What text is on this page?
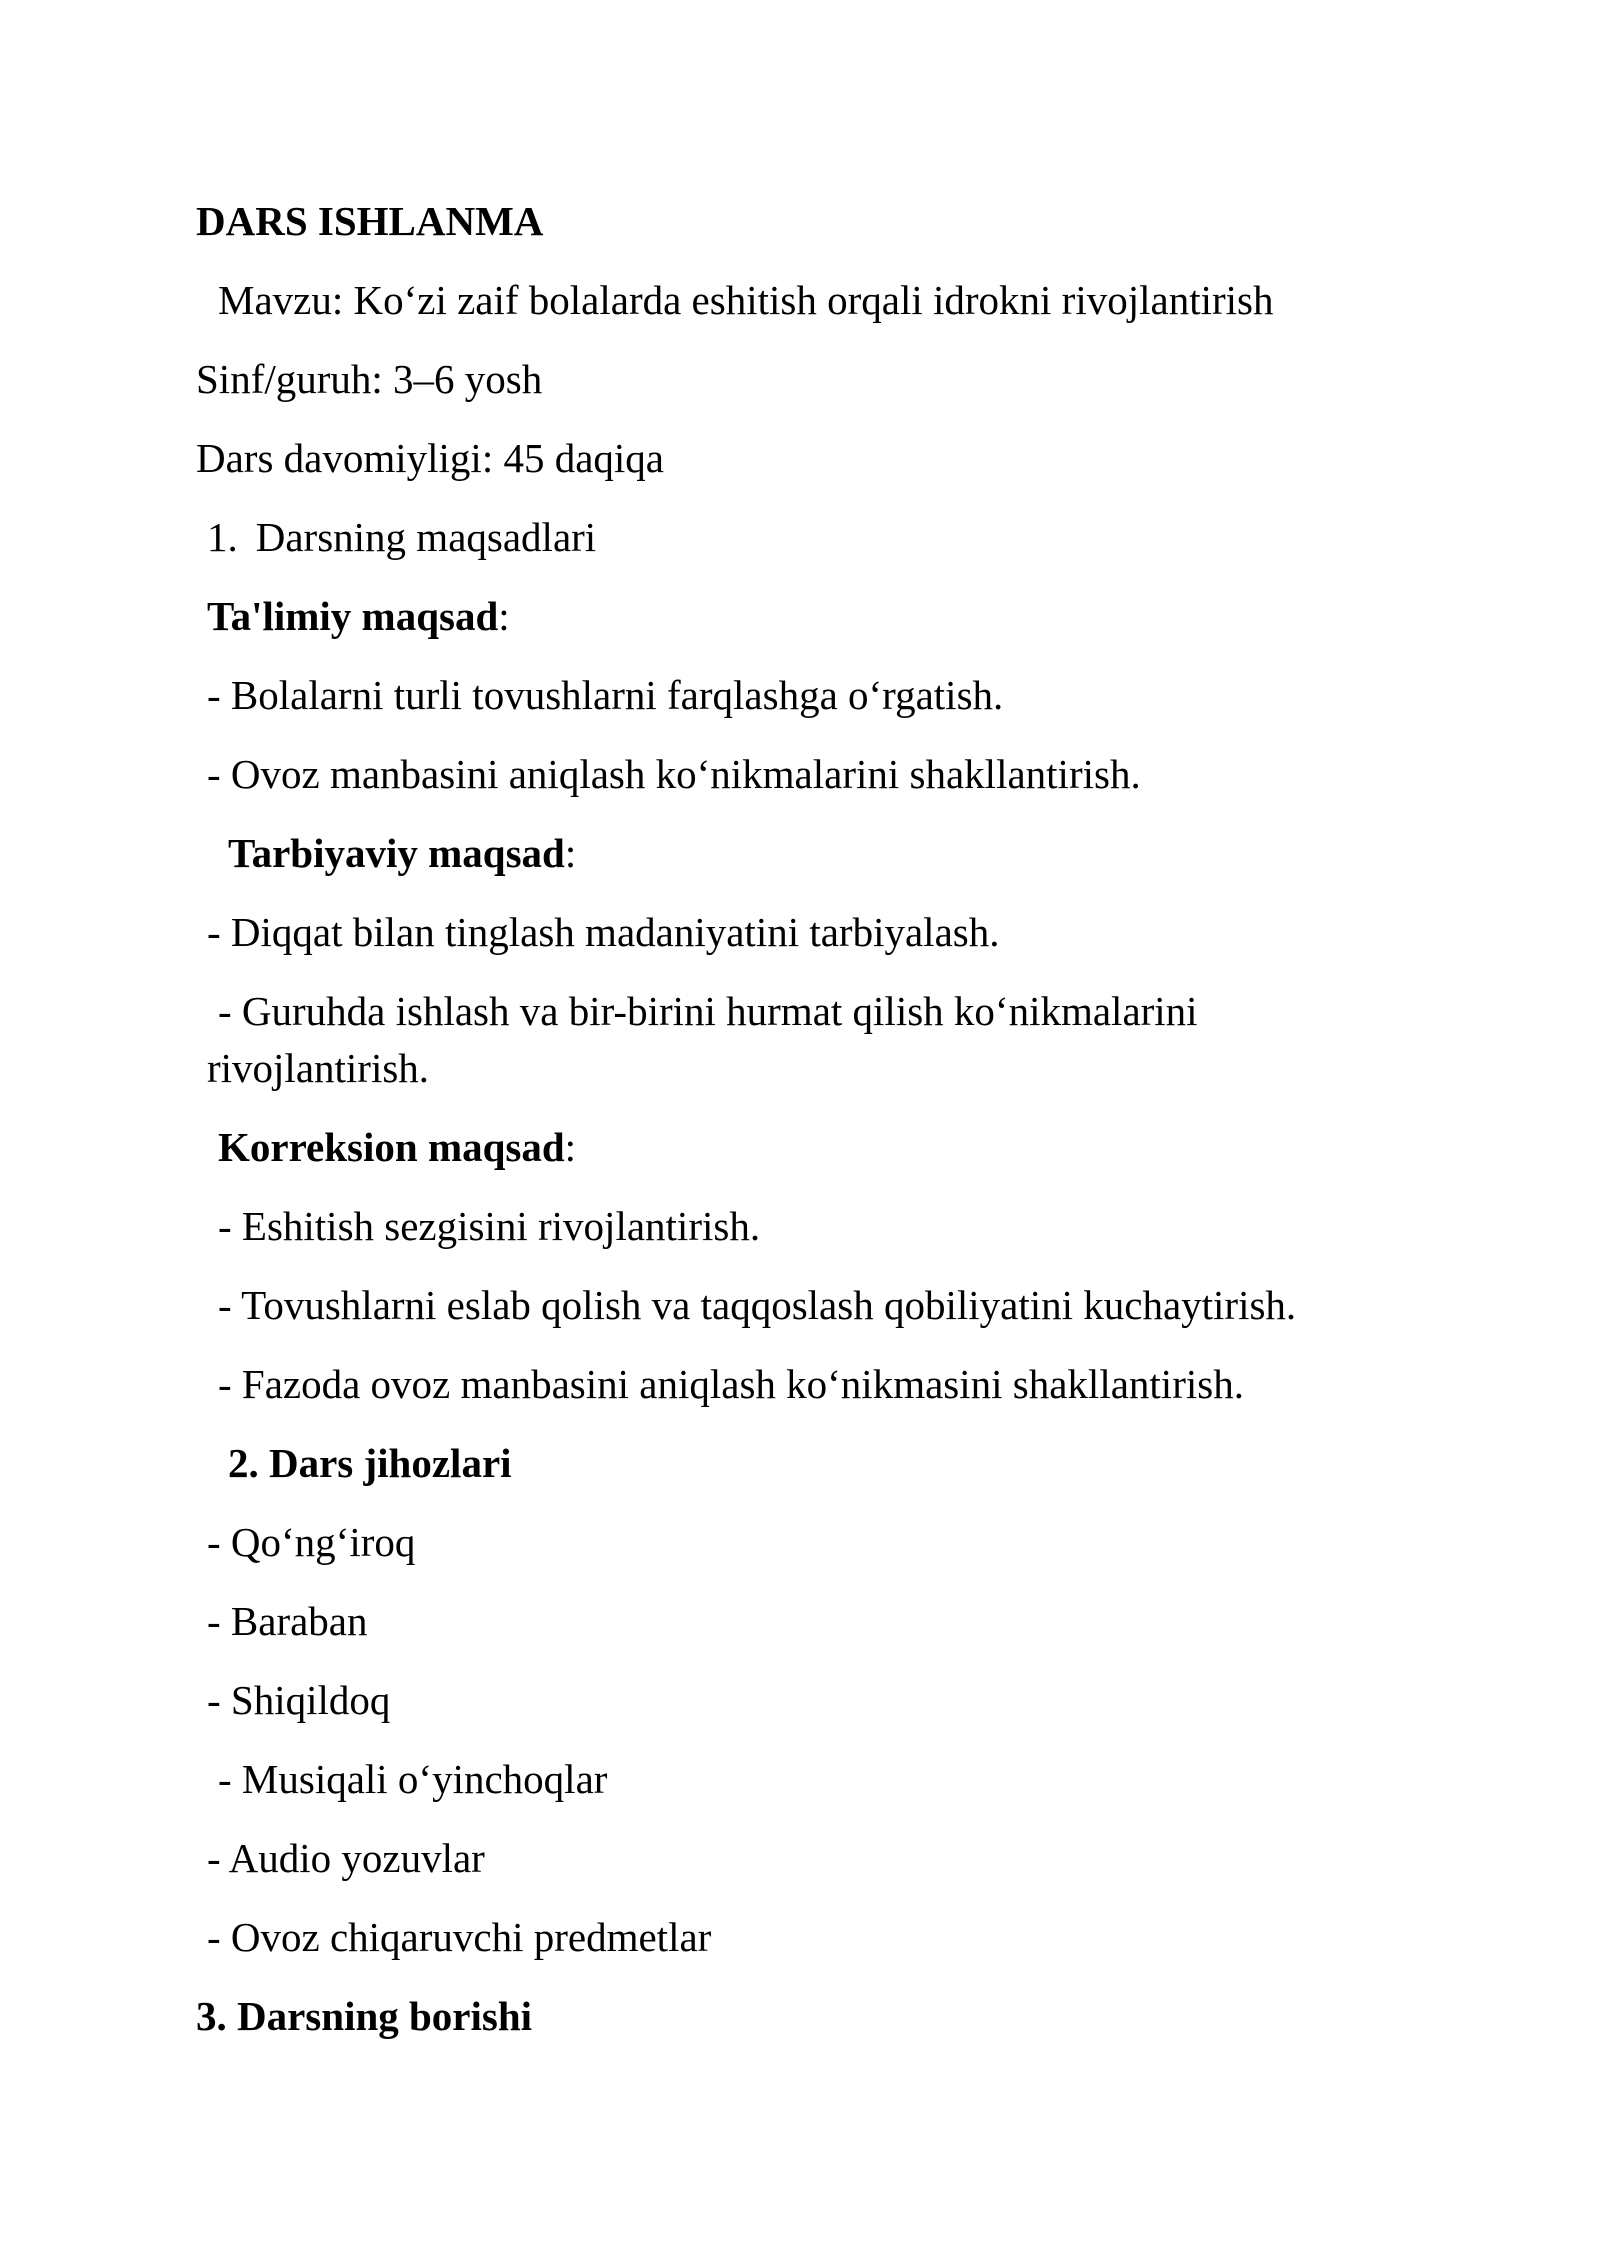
DARS ISHLANMA
Mavzu: Ko‘zi zaif bolalarda eshitish orqali idrokni rivojlantirish
Sinf/guruh: 3–6 yosh
Dars davomiyligi: 45 daqiqa
1. Darsning maqsadlari
Ta'limiy maqsad:
- Bolalarni turli tovushlarni farqlashga o‘rgatish.
- Ovoz manbasini aniqlash ko‘nikmalarini shakllantirish.
Tarbiyaviy maqsad:
- Diqqat bilan tinglash madaniyatini tarbiyalash.
- Guruhda ishlash va bir-birini hurmat qilish ko‘nikmalarini
rivojlantirish.
Korreksion maqsad:
- Eshitish sezgisini rivojlantirish.
- Tovushlarni eslab qolish va taqqoslash qobiliyatini kuchaytirish.
- Fazoda ovoz manbasini aniqlash ko‘nikmasini shakllantirish.
2. Dars jihozlari
- Qo‘ng‘iroq
- Baraban
- Shiqildoq
- Musiqali o‘yinchoqlar
- Audio yozuvlar
- Ovoz chiqaruvchi predmetlar
3. Darsning borishi
